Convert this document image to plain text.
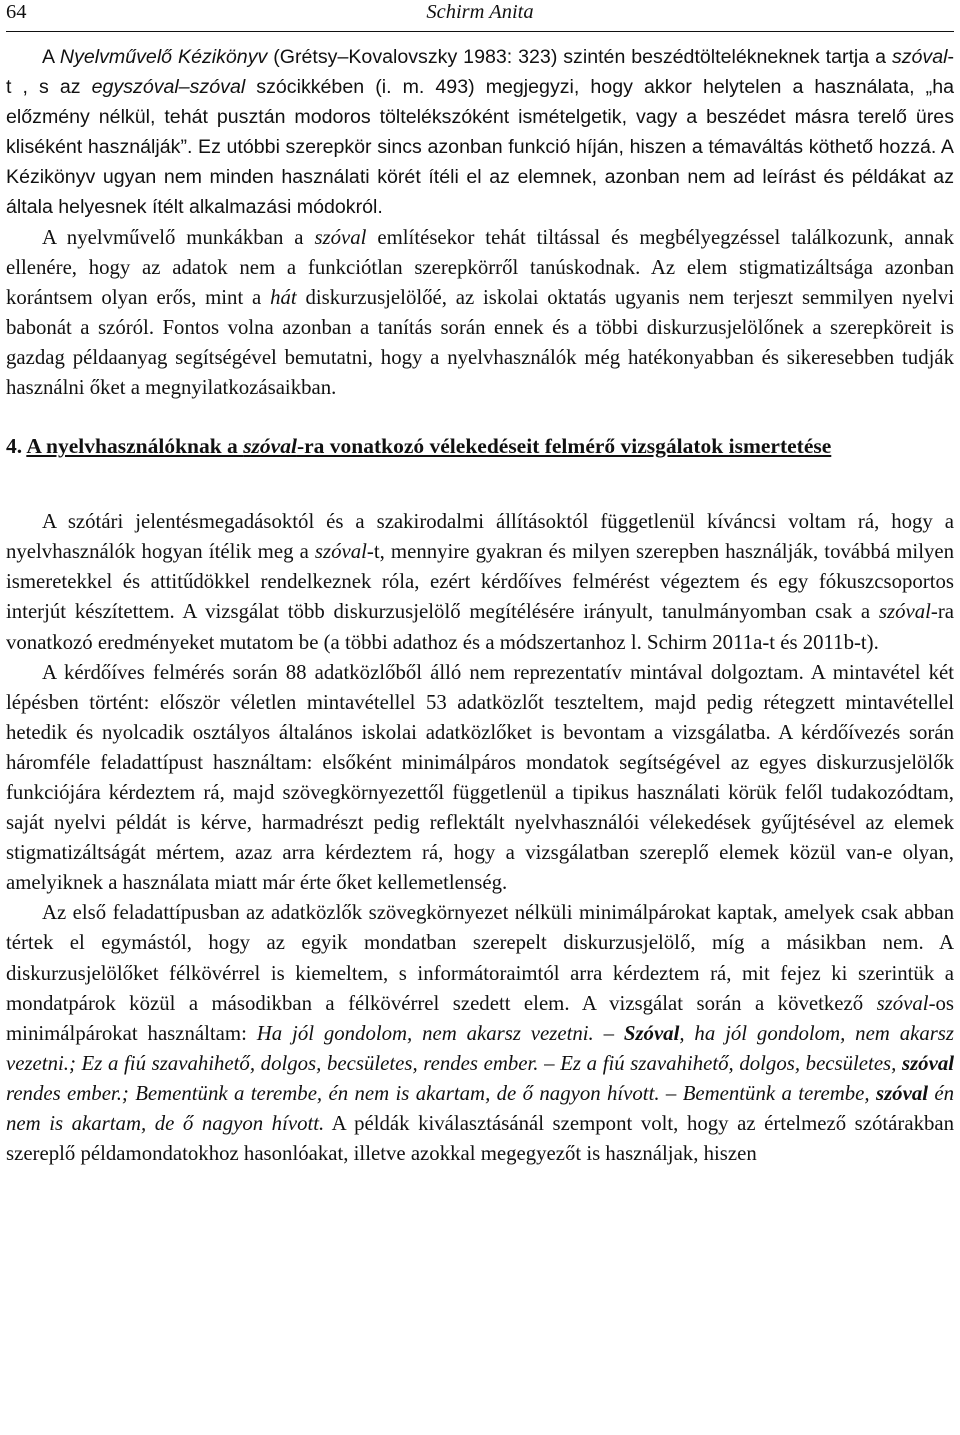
64	Schirm Anita

A Nyelvművelő Kézikönyv (Grétsy–Kovalovszky 1983: 323) szintén beszédtöltelékneknek tartja a szóval-t , s az egyszóval–szóval szócikkében (i. m. 493) megjegyzi, hogy akkor helytelen a használata, „ha előzmény nélkül, tehát pusztán modoros töltelékszóként ismételgetik, vagy a beszédet másra terelő üres kliséként használják”. Ez utóbbi szerepkör sincs azonban funkció híján, hiszen a témaváltás köthető hozzá. A Kézikönyv ugyan nem minden használati körét ítéli el az elemnek, azonban nem ad leírást és példákat az általa helyesnek ítélt alkalmazási módokról.

A nyelvművelő munkákban a szóval említésekor tehát tiltással és megbélyegzéssel találkozunk, annak ellenére, hogy az adatok nem a funkciótlan szerepkörről tanúskodnak. Az elem stigmatizáltsága azonban korántsem olyan erős, mint a hát diskurzusjelölőé, az iskolai oktatás ugyanis nem terjeszt semmilyen nyelvi babonát a szóról. Fontos volna azonban a tanítás során ennek és a többi diskurzusjelölőnek a szerepköreit is gazdag példaanyag segítségével bemutatni, hogy a nyelvhasználók még hatékonyabban és sikeresebben tudják használni őket a megnyilatkozásaikban.

4. A nyelvhasználóknak a szóval-ra vonatkozó vélekedéseit felmérő vizsgálatok ismertetése

A szótári jelentésmegadásoktól és a szakirodalmi állításoktól függetlenül kíváncsi voltam rá, hogy a nyelvhasználók hogyan ítélik meg a szóval-t, mennyire gyakran és milyen szerepben használják, továbbá milyen ismeretekkel és attitűdökkel rendelkeznek róla, ezért kérdőíves felmérést végeztem és egy fókuszcsoportos interjút készítettem. A vizsgálat több diskurzusjelölő megítélésére irányult, tanulmányomban csak a szóval-ra vonatkozó eredményeket mutatom be (a többi adathoz és a módszertanhoz l. Schirm 2011a-t és 2011b-t).

A kérdőíves felmérés során 88 adatközlőből álló nem reprezentatív mintával dolgoztam. A mintavétel két lépésben történt: először véletlen mintavétellel 53 adatközlőt teszteltem, majd pedig rétegzett mintavétellel hetedik és nyolcadik osztályos általános iskolai adatközlőket is bevontam a vizsgálatba. A kérdőívezés során háromféle feladattípust használtam: elsőként minimálpáros mondatok segítségével az egyes diskurzusjelölők funkciójára kérdeztem rá, majd szövegkörnyezettől függetlenül a tipikus használati körük felől tudakozódtam, saját nyelvi példát is kérve, harmadrészt pedig reflektált nyelvhasználói vélekedések gyűjtésével az elemek stigmatizáltságát mértem, azaz arra kérdeztem rá, hogy a vizsgálatban szereplő elemek közül van-e olyan, amelyiknek a használata miatt már érte őket kellemetlenség.

Az első feladattípusban az adatközlők szövegkörnyezet nélküli minimálpárokat kaptak, amelyek csak abban tértek el egymástól, hogy az egyik mondatban szerepelt diskurzusjelölő, míg a másikban nem. A diskurzusjelölőket félkövérrel is kiemeltem, s informátoraimtól arra kérdeztem rá, mit fejez ki szerintük a mondatpárok közül a másodikban a félkövérrel szedett elem. A vizsgálat során a következő szóval-os minimálpárokat használtam: Ha jól gondolom, nem akarsz vezetni. – Szóval, ha jól gondolom, nem akarsz vezetni.; Ez a fiú szavahihető, dolgos, becsületes, rendes ember. – Ez a fiú szavahihető, dolgos, becsületes, szóval rendes ember.; Bementünk a terembe, én nem is akartam, de ő nagyon hívott. – Bementünk a terembe, szóval én nem is akartam, de ő nagyon hívott. A példák kiválasztásánál szempont volt, hogy az értelmező szótárakban szereplő példamondatokhoz hasonlóakat, illetve azokkal megegyezőt is használjak, hiszen
